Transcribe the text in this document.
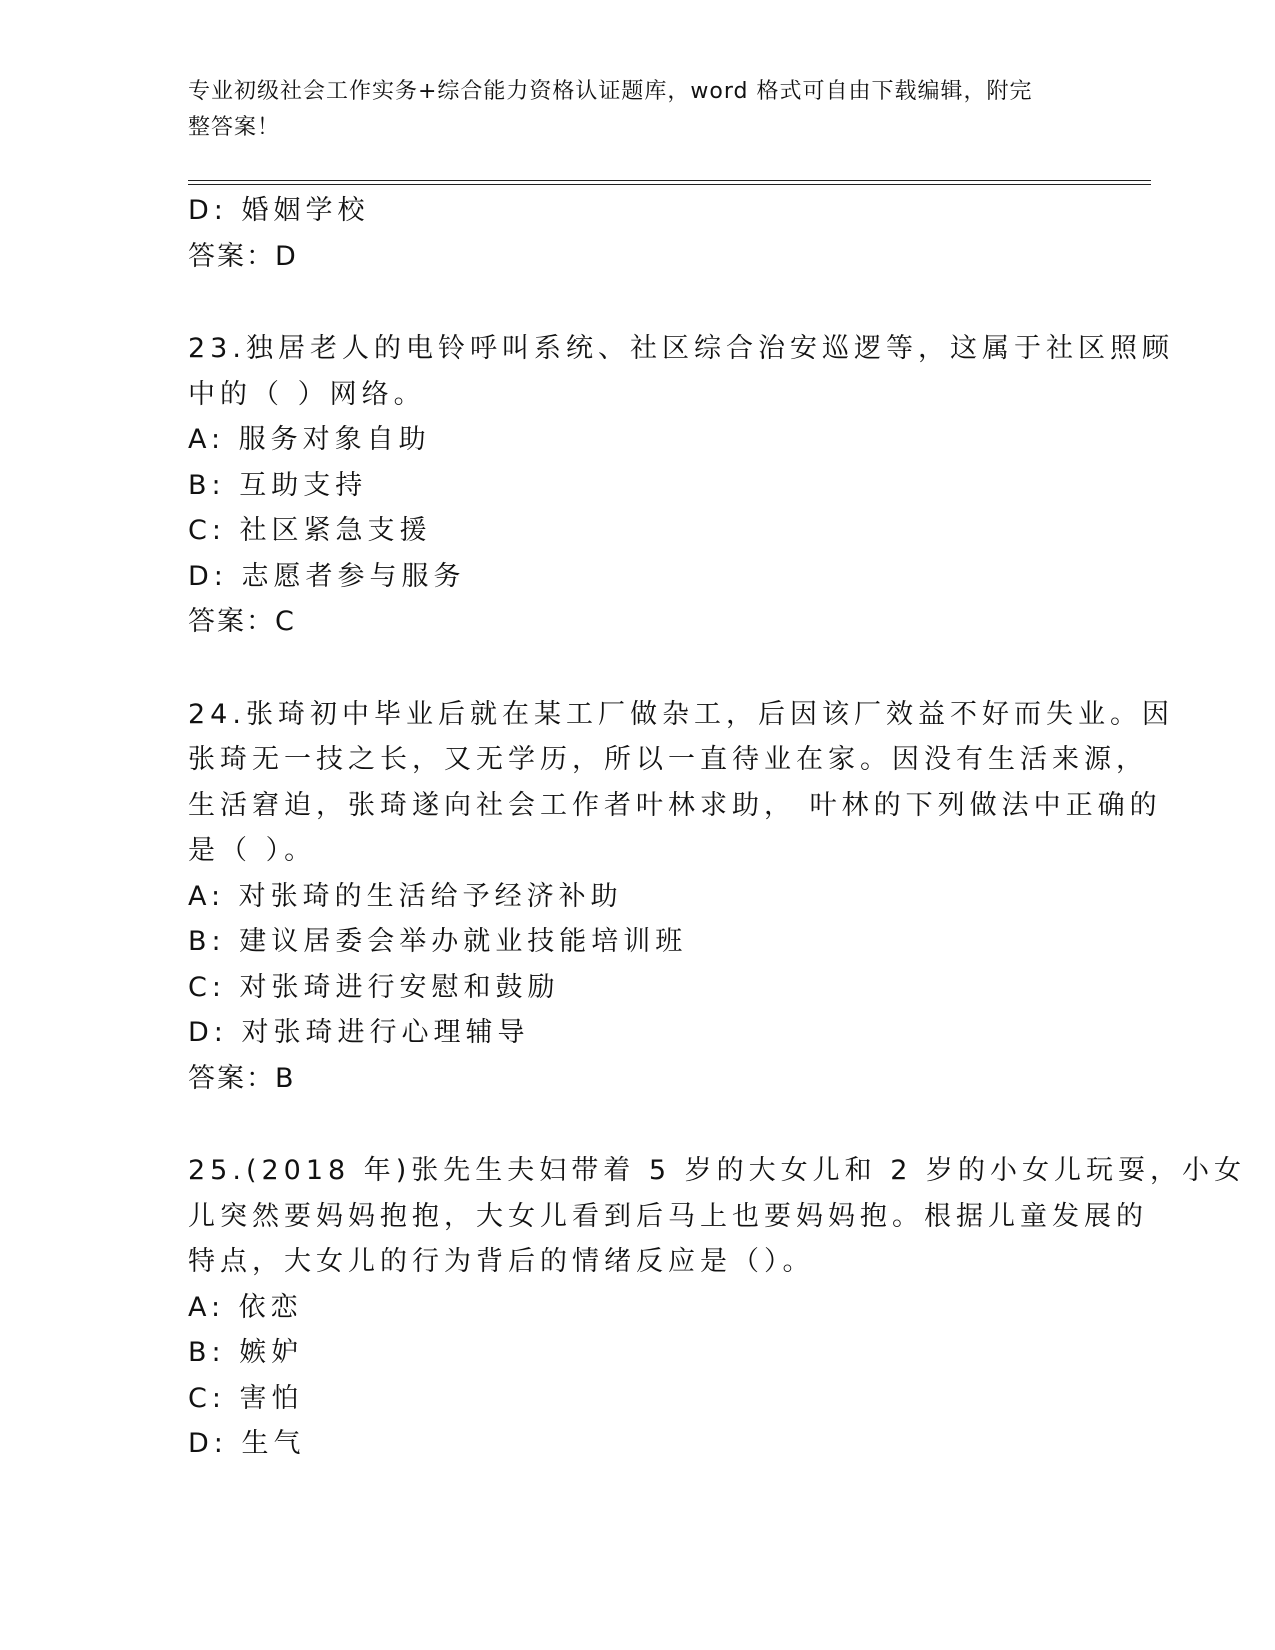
专业初级社会工作实务+综合能力资格认证题库，word 格式可自由下载编辑，附完
整答案！
D: 婚姻学校
答案：D
23.独居老人的电铃呼叫系统、社区综合治安巡逻等，这属于社区照顾
中的（ ）网络。
A: 服务对象自助
B: 互助支持
C: 社区紧急支援
D: 志愿者参与服务
答案：C
24.张琦初中毕业后就在某工厂做杂工，后因该厂效益不好而失业。因
张琦无一技之长，又无学历，所以一直待业在家。因没有生活来源，
生活窘迫，张琦遂向社会工作者叶林求助， 叶林的下列做法中正确的
是（ ）。
A: 对张琦的生活给予经济补助
B: 建议居委会举办就业技能培训班
C: 对张琦进行安慰和鼓励
D: 对张琦进行心理辅导
答案：B
25.(2018 年)张先生夫妇带着 5 岁的大女儿和 2 岁的小女儿玩耍，小女
儿突然要妈妈抱抱，大女儿看到后马上也要妈妈抱。根据儿童发展的
特点，大女儿的行为背后的情绪反应是（）。
A: 依恋
B: 嫉妒
C: 害怕
D: 生气
